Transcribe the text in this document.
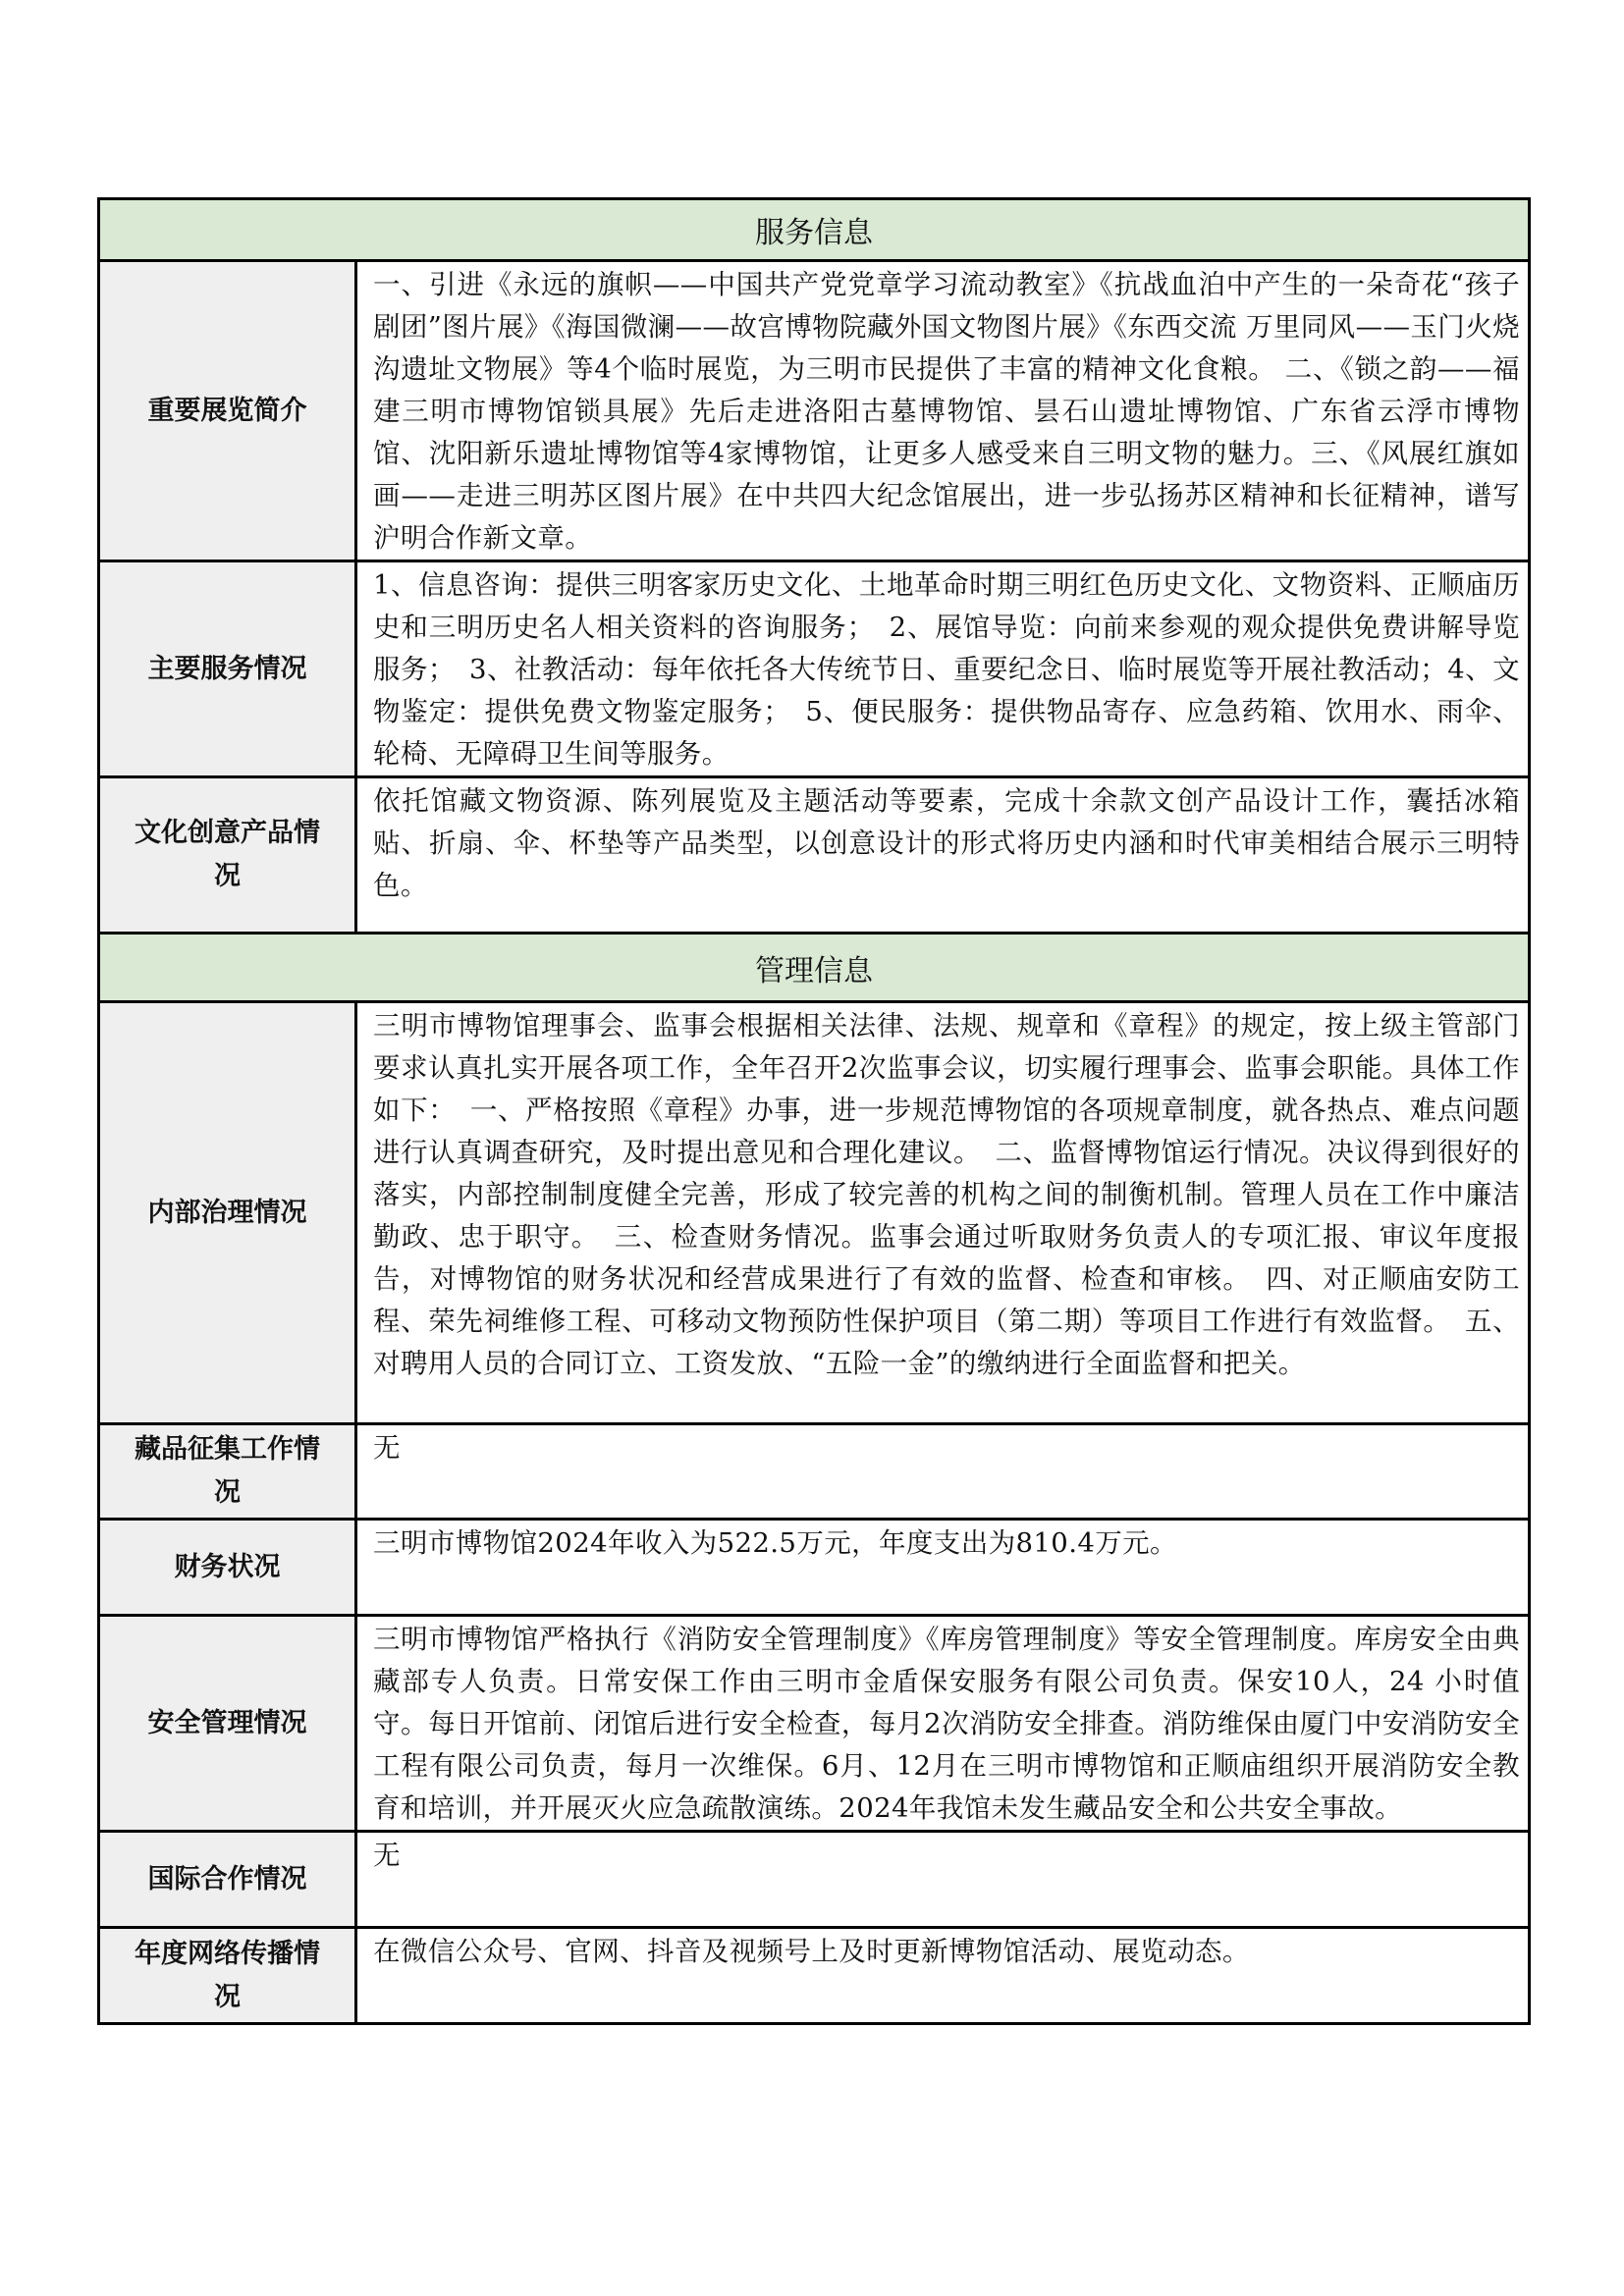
服务信息	
重要展览简介	一、引进《永远的旗帜——中国共产党党章学习流动教室》《抗战血泊中产生的一朵奇花“孩子剧团”图片展》《海国微澜——故宫博物院藏外国文物图片展》《东西交流 万里同风——玉门火烧沟遗址文物展》等4个临时展览，为三明市民提供了丰富的精神文化食粮。 二、《锁之韵——福建三明市博物馆锁具展》先后走进洛阳古墓博物馆、昙石山遗址博物馆、广东省云浮市博物馆、沈阳新乐遗址博物馆等4家博物馆，让更多人感受来自三明文物的魅力。三、《风展红旗如画——走进三明苏区图片展》在中共四大纪念馆展出，进一步弘扬苏区精神和长征精神，谱写沪明合作新文章。

主要服务情况	1、信息咨询：提供三明客家历史文化、土地革命时期三明红色历史文化、文物资料、正顺庙历史和三明历史名人相关资料的咨询服务；　2、展馆导览：向前来参观的观众提供免费讲解导览服务；　3、社教活动：每年依托各大传统节日、重要纪念日、临时展览等开展社教活动；4、文物鉴定：提供免费文物鉴定服务；　5、便民服务：提供物品寄存、应急药箱、饮用水、雨伞、轮椅、无障碍卫生间等服务。

文化创意产品情况	依托馆藏文物资源、陈列展览及主题活动等要素，完成十余款文创产品设计工作，囊括冰箱贴、折扇、伞、杯垫等产品类型，以创意设计的形式将历史内涵和时代审美相结合展示三明特色。

管理信息	
内部治理情况	三明市博物馆理事会、监事会根据相关法律、法规、规章和《章程》的规定，按上级主管部门要求认真扎实开展各项工作，全年召开2次监事会议，切实履行理事会、监事会职能。具体工作如下：　一、严格按照《章程》办事，进一步规范博物馆的各项规章制度，就各热点、难点问题进行认真调查研究，及时提出意见和合理化建议。　二、监督博物馆运行情况。决议得到很好的落实，内部控制制度健全完善，形成了较完善的机构之间的制衡机制。管理人员在工作中廉洁勤政、忠于职守。　三、检查财务情况。监事会通过听取财务负责人的专项汇报、审议年度报告，对博物馆的财务状况和经营成果进行了有效的监督、检查和审核。　四、对正顺庙安防工程、荣先祠维修工程、可移动文物预防性保护项目（第二期）等项目工作进行有效监督。　五、对聘用人员的合同订立、工资发放、“五险一金”的缴纳进行全面监督和把关。

藏品征集工作情况	无

财务状况	三明市博物馆2024年收入为522.5万元，年度支出为810.4万元。

安全管理情况	三明市博物馆严格执行《消防安全管理制度》《库房管理制度》等安全管理制度。库房安全由典藏部专人负责。日常安保工作由三明市金盾保安服务有限公司负责。保安10人，24 小时值守。每日开馆前、闭馆后进行安全检查，每月2次消防安全排查。消防维保由厦门中安消防安全工程有限公司负责，每月一次维保。6月、12月在三明市博物馆和正顺庙组织开展消防安全教育和培训，并开展灭火应急疏散演练。2024年我馆未发生藏品安全和公共安全事故。

国际合作情况	无

年度网络传播情况	在微信公众号、官网、抖音及视频号上及时更新博物馆活动、展览动态。
